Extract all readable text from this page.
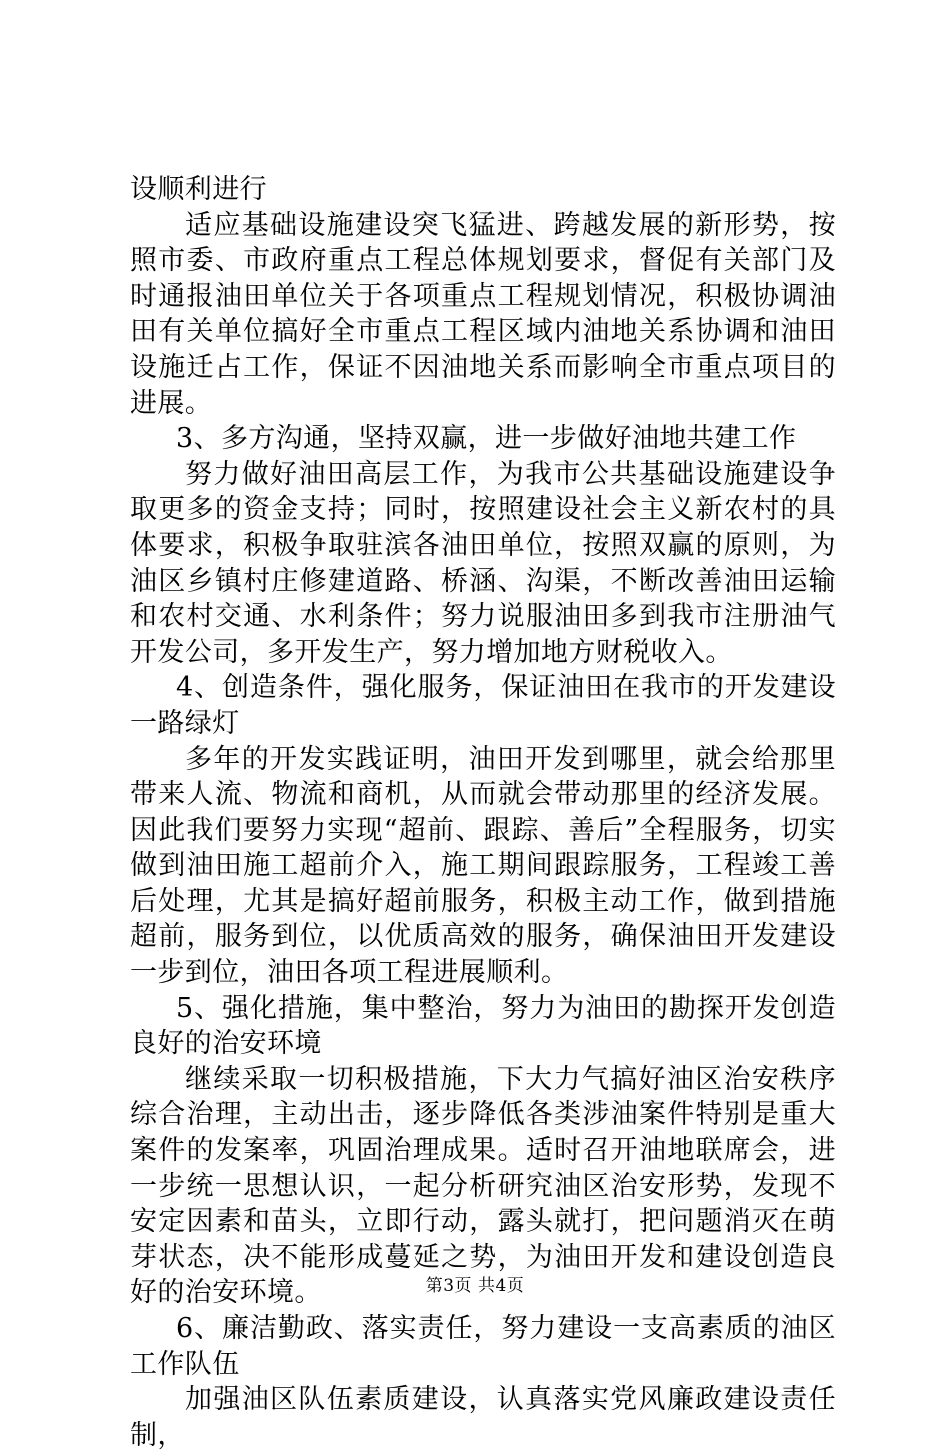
设顺利进行

适应基础设施建设突飞猛进、跨越发展的新形势，按照市委、市政府重点工程总体规划要求，督促有关部门及时通报油田单位关于各项重点工程规划情况，积极协调油田有关单位搞好全市重点工程区域内油地关系协调和油田设施迁占工作，保证不因油地关系而影响全市重点项目的进展。

3、多方沟通，坚持双赢，进一步做好油地共建工作

努力做好油田高层工作，为我市公共基础设施建设争取更多的资金支持；同时，按照建设社会主义新农村的具体要求，积极争取驻滨各油田单位，按照双赢的原则，为油区乡镇村庄修建道路、桥涵、沟渠，不断改善油田运输和农村交通、水利条件；努力说服油田多到我市注册油气开发公司，多开发生产，努力增加地方财税收入。

4、创造条件，强化服务，保证油田在我市的开发建设一路绿灯

多年的开发实践证明，油田开发到哪里，就会给那里带来人流、物流和商机，从而就会带动那里的经济发展。因此我们要努力实现“超前、跟踪、善后”全程服务，切实做到油田施工超前介入，施工期间跟踪服务，工程竣工善后处理，尤其是搞好超前服务，积极主动工作，做到措施超前，服务到位，以优质高效的服务，确保油田开发建设一步到位，油田各项工程进展顺利。

5、强化措施，集中整治，努力为油田的勘探开发创造良好的治安环境

继续采取一切积极措施，下大力气搞好油区治安秩序综合治理，主动出击，逐步降低各类涉油案件特别是重大案件的发案率，巩固治理成果。适时召开油地联席会，进一步统一思想认识，一起分析研究油区治安形势，发现不安定因素和苗头，立即行动，露头就打，把问题消灭在萌芽状态，决不能形成蔓延之势，为油田开发和建设创造良好的治安环境。

6、廉洁勤政、落实责任，努力建设一支高素质的油区工作队伍

加强油区队伍素质建设，认真落实党风廉政建设责任制，

第3页 共4页
